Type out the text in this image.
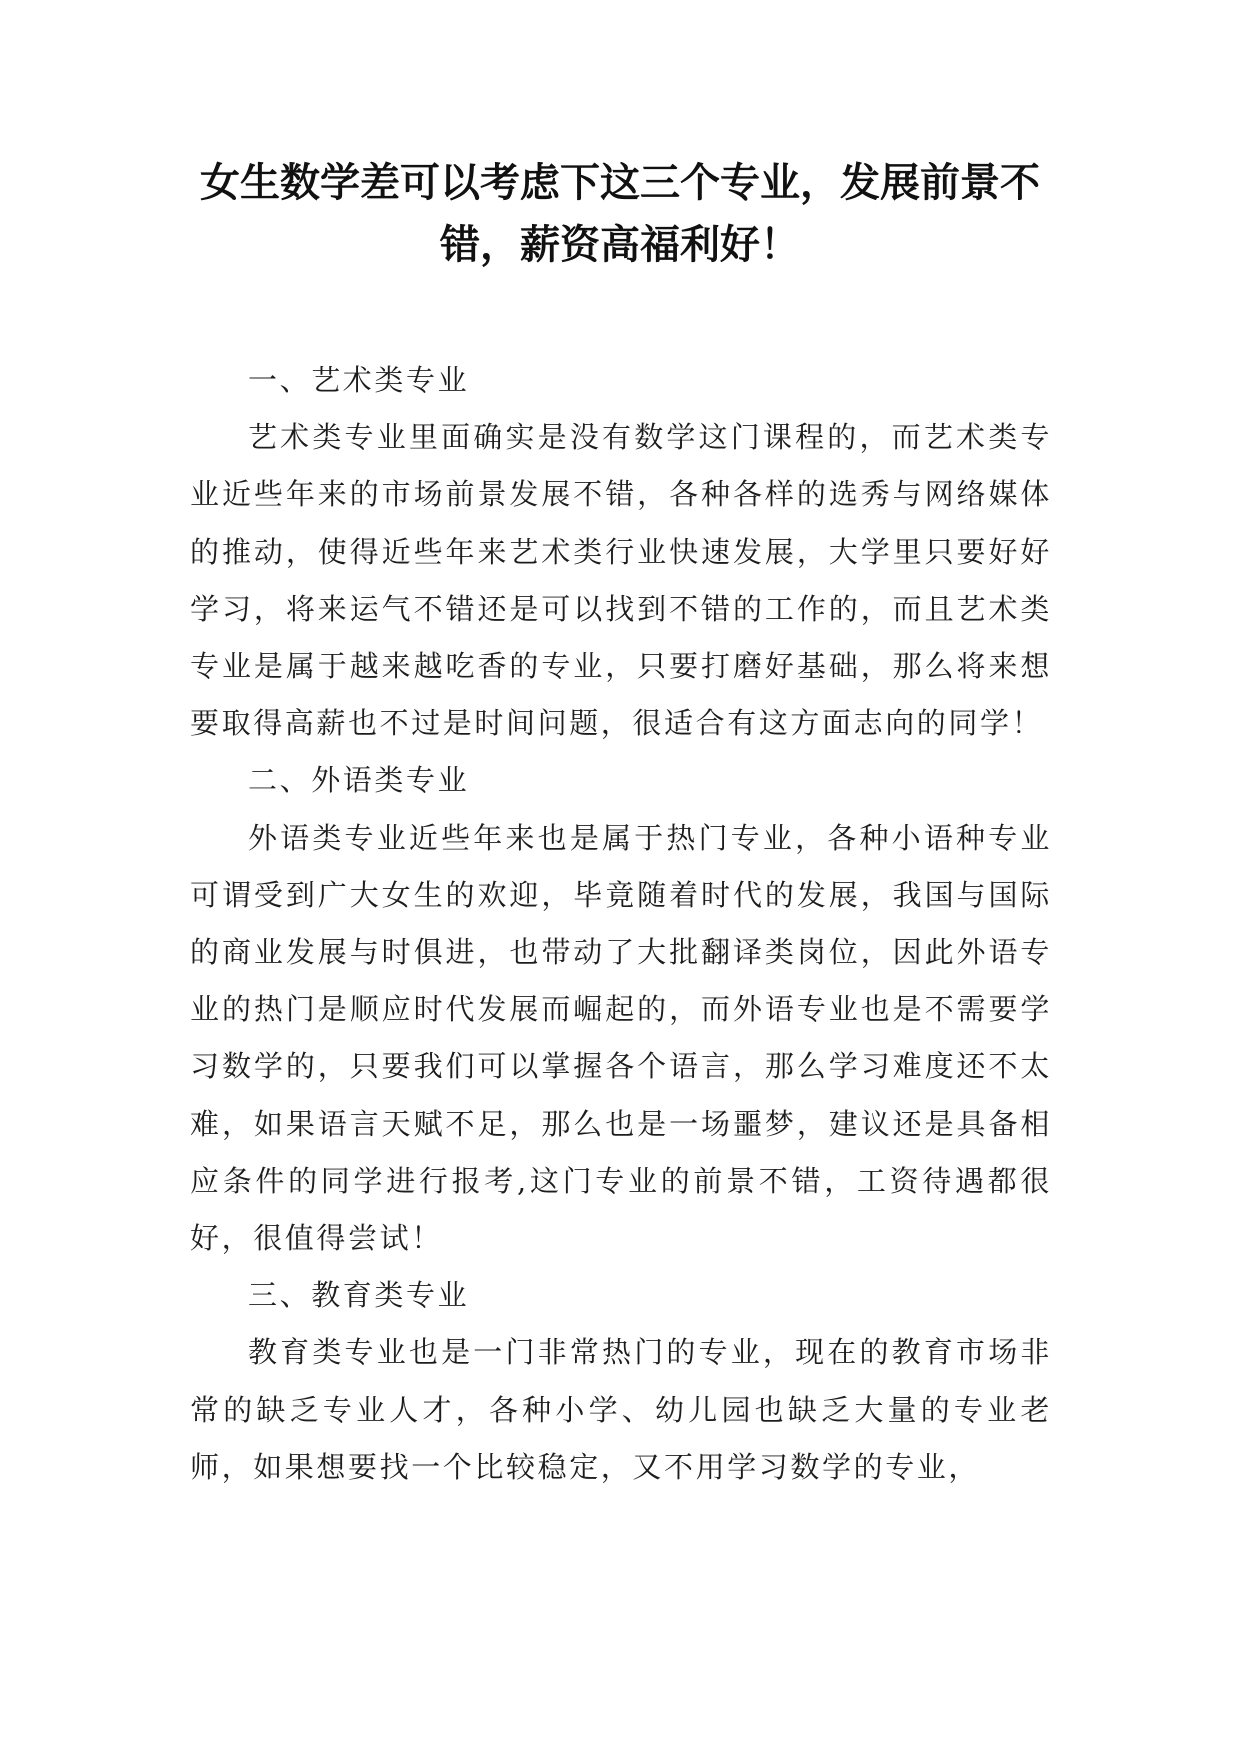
女生数学差可以考虑下这三个专业，发展前景不错，薪资高福利好！

一、艺术类专业

艺术类专业里面确实是没有数学这门课程的，而艺术类专业近些年来的市场前景发展不错，各种各样的选秀与网络媒体的推动，使得近些年来艺术类行业快速发展，大学里只要好好学习，将来运气不错还是可以找到不错的工作的，而且艺术类专业是属于越来越吃香的专业，只要打磨好基础，那么将来想要取得高薪也不过是时间问题，很适合有这方面志向的同学！

二、外语类专业

外语类专业近些年来也是属于热门专业，各种小语种专业可谓受到广大女生的欢迎，毕竟随着时代的发展，我国与国际的商业发展与时俱进，也带动了大批翻译类岗位，因此外语专业的热门是顺应时代发展而崛起的，而外语专业也是不需要学习数学的，只要我们可以掌握各个语言，那么学习难度还不太难，如果语言天赋不足，那么也是一场噩梦，建议还是具备相应条件的同学进行报考,这门专业的前景不错，工资待遇都很好，很值得尝试！

三、教育类专业

教育类专业也是一门非常热门的专业，现在的教育市场非常的缺乏专业人才，各种小学、幼儿园也缺乏大量的专业老师，如果想要找一个比较稳定，又不用学习数学的专业，
